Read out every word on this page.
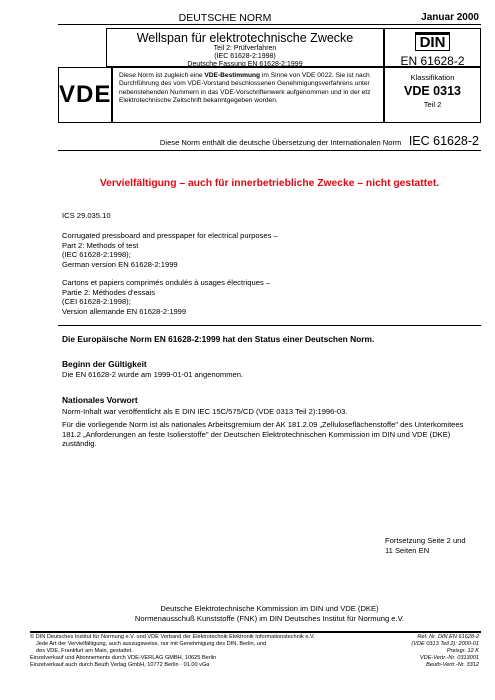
DEUTSCHE NORM	Januar 2000
Wellspan für elektrotechnische Zwecke
Teil 2: Prüfverfahren
(IEC 61628-2:1998)
Deutsche Fassung EN 61628-2:1999
DIN
EN 61628-2
VDE
Diese Norm ist zugleich eine VDE-Bestimmung im Sinne von VDE 0022. Sie ist nach Durchführung des vom VDE-Vorstand beschlossenen Genehmigungsverfahrens unter nebenstehenden Nummern in das VDE-Vorschriftenwerk aufgenommen und in der etz Elektrotechnische Zeitschrift bekanntgegeben worden.
Klassifikation
VDE 0313
Teil 2
Diese Norm enthält die deutsche Übersetzung der Internationalen Norm IEC 61628-2
Vervielfältigung – auch für innerbetriebliche Zwecke – nicht gestattet.
ICS 29.035.10
Corrugated pressboard and presspaper for electrical purposes –
Part 2: Methods of test
(IEC 61628-2:1998);
German version EN 61628-2:1999
Cartons et papiers comprimés ondulés à usages électriques –
Partie 2: Méthodes d'essais
(CEI 61628-2:1998);
Version allemande EN 61628-2:1999
Die Europäische Norm EN 61628-2:1999 hat den Status einer Deutschen Norm.
Beginn der Gültigkeit
Die EN 61628-2 wurde am 1999-01-01 angenommen.
Nationales Vorwort
Norm-Inhalt war veröffentlicht als E DIN IEC 15C/575/CD (VDE 0313 Teil 2):1996-03.
Für die vorliegende Norm ist als nationales Arbeitsgremium der AK 181.2.09 „Zelluloseflächenstoffe" des Unterkomitees 181.2 „Anforderungen an feste Isolierstoffe" der Deutschen Elektrotechnischen Kommission im DIN und VDE (DKE) zuständig.
Fortsetzung Seite 2 und
11 Seiten EN
Deutsche Elektrotechnische Kommission im DIN und VDE (DKE)
Normenausschuß Kunststoffe (FNK) im DIN Deutsches Institut für Normung e.V.
© DIN Deutsches Institut für Normung e.V. und VDE Verband der Elektrotechnik Elektronik Informationstechnik e.V.
Jede Art der Vervielfältigung, auch auszugsweise, nur mit Genehmigung des DIN, Berlin, und
des VDE, Frankfurt am Main, gestattet.
Einzelverkauf und Abonnements durch VDE-VERLAG GMBH, 10625 Berlin
Einzelverkauf auch durch Beuth Verlag GmbH, 10772 Berlin · 01.00 vGa
Ref. Nr. DIN EN 61628-2
(VDE 0313 Teil 2): 2000-01
Preisgr. 12 K
VDE-Vertr.-Nr. 0313001
Beuth-Vertr.-Nr. 3312
